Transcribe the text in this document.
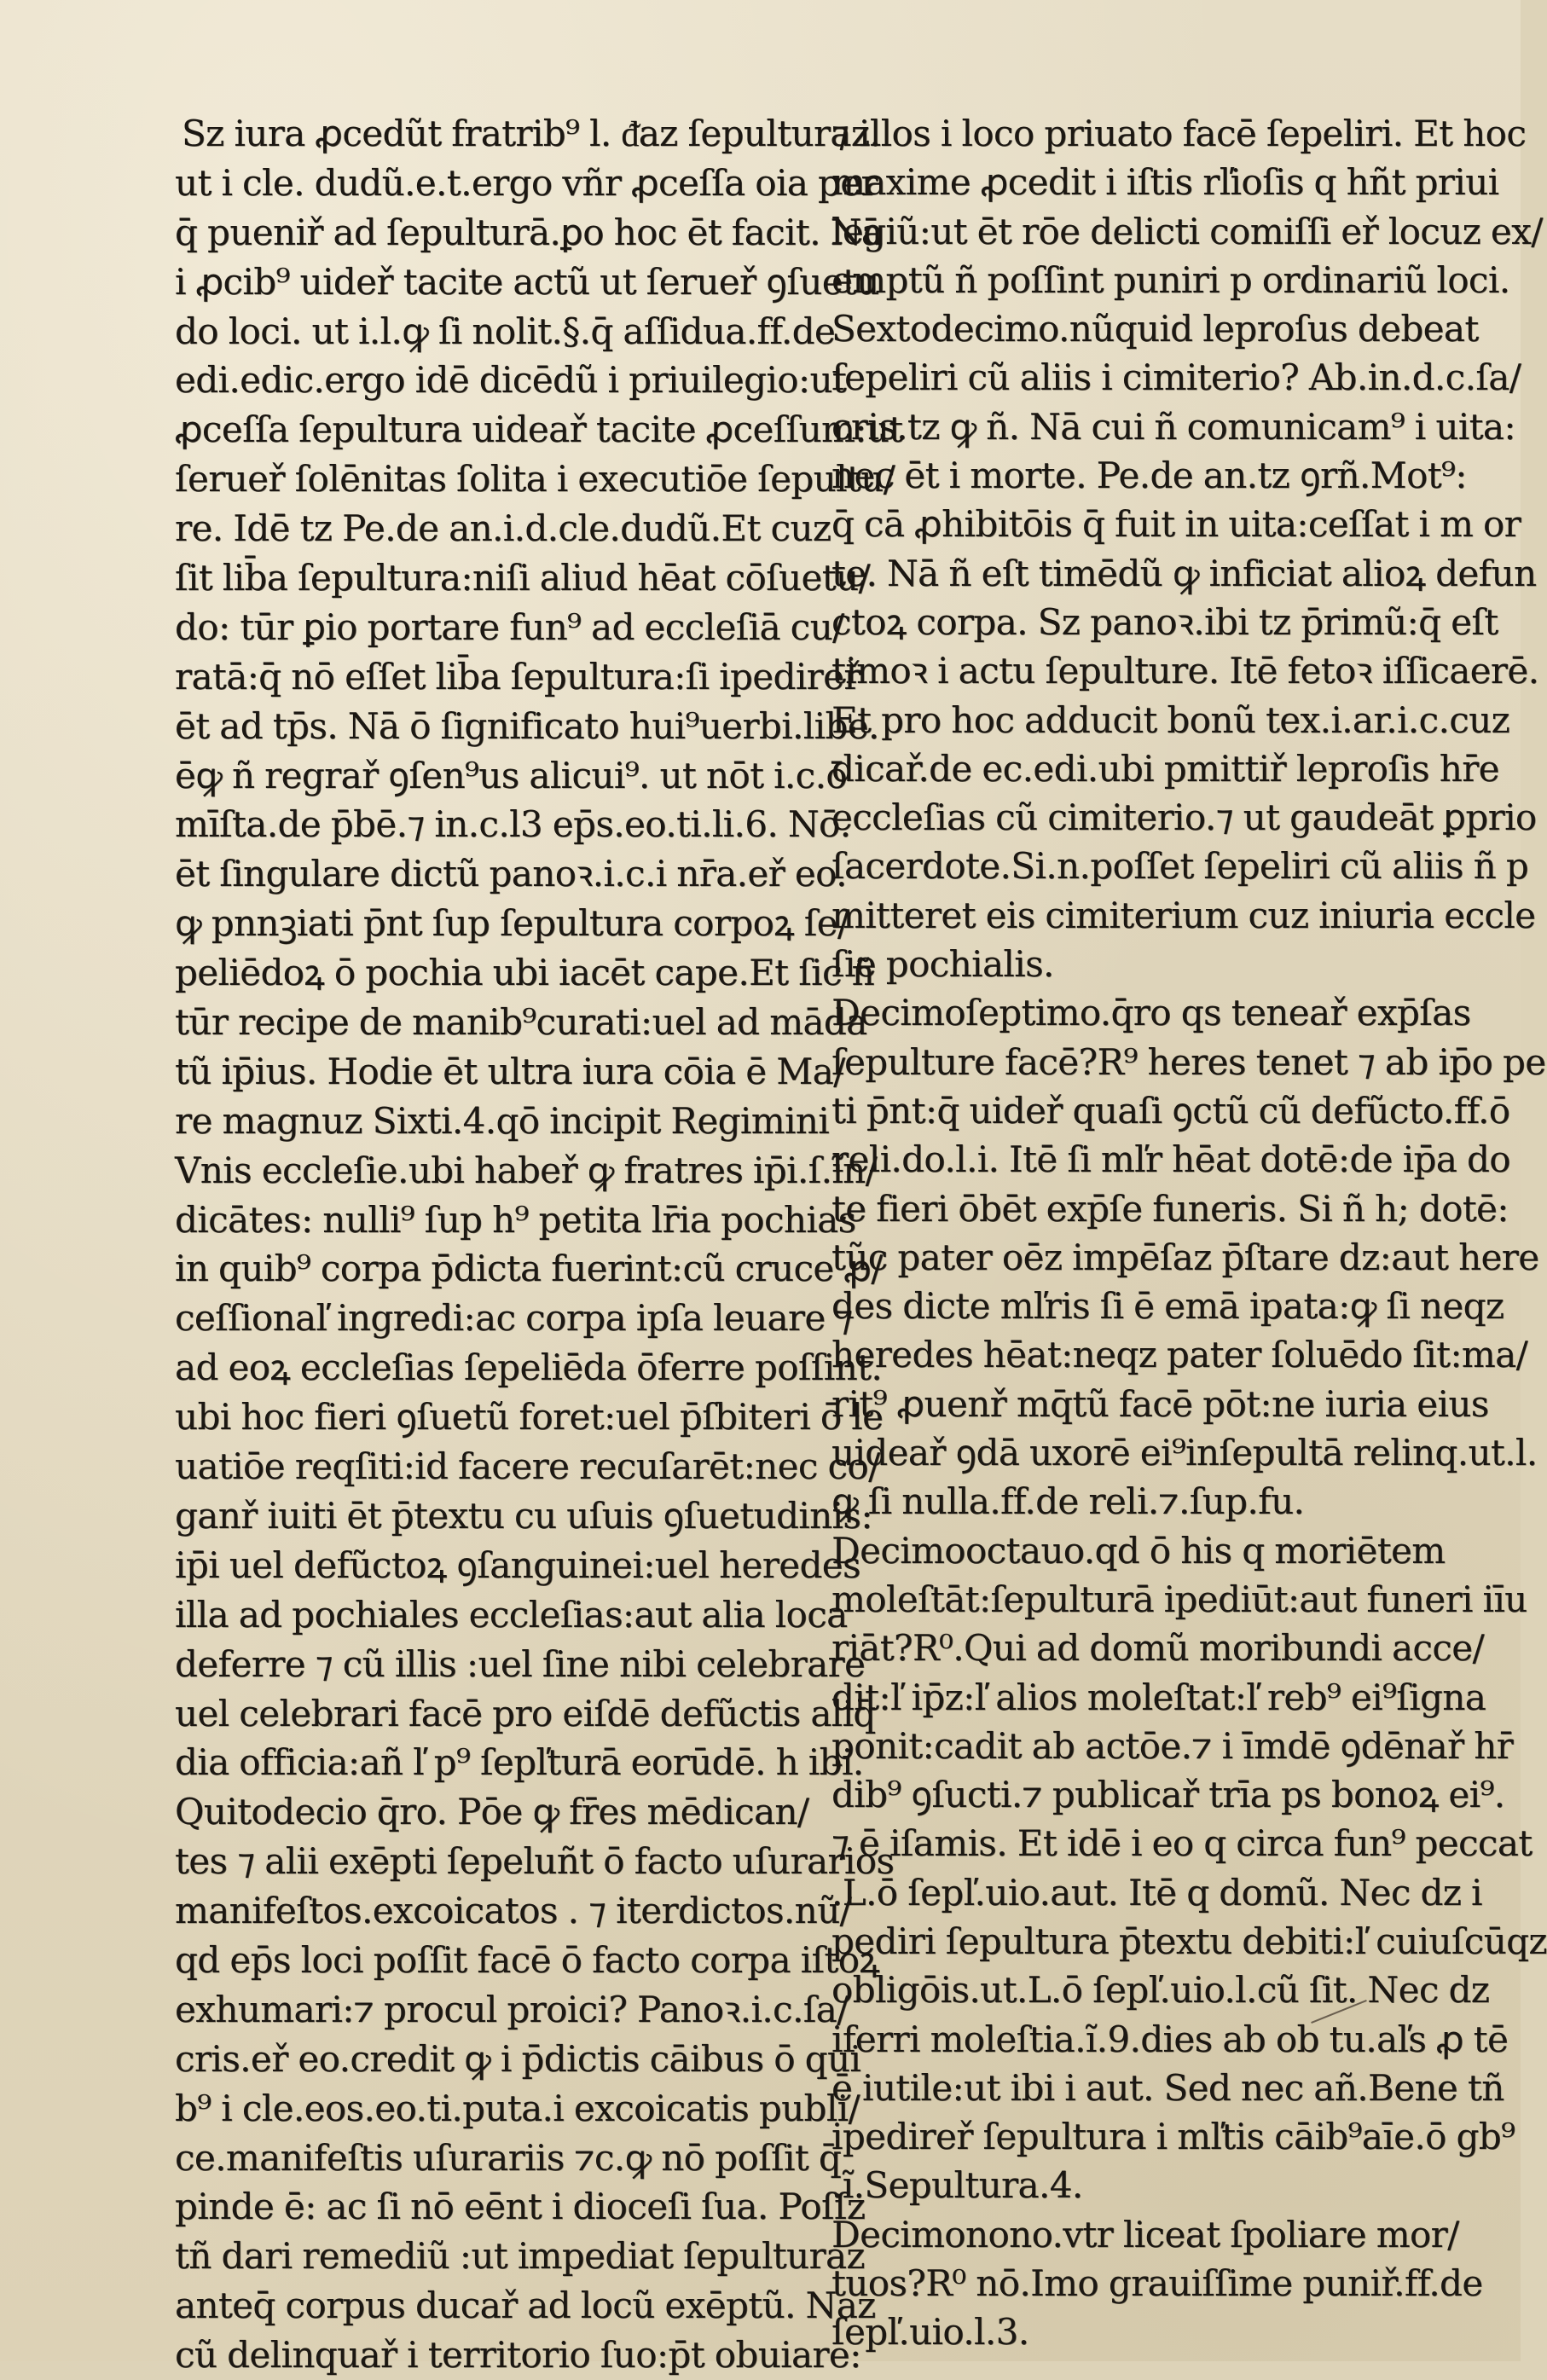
Sz iura ꝓcedũt fratrib⁹ l. ᵭaz ſepulturaz.
ut i cle. dudũ.e.t.ergo vñr ꝓceſſa oia per
q̄ pueniř ad ſepulturā.ꝑo hoc ēt facit. Nā
i ꝓcib⁹ uideř tacite actũ ut ſerueř ꝯſuetu
do loci. ut i.l.ꝙ ſi nolit.§.q̄ aſſidua.ff.de
edi.edic.ergo idē dicēdũ i priuilegio:ut
ꝓceſſa ſepultura uideař tacite ꝓceſſum:ut
ſerueř ſolēnitas ſolita i executiōe ſepultu/
re. Idē tz Pe.de an.i.d.cle.dudũ.Et cuz
ſit lib̄a ſepultura:niſi aliud hēat cōſuetu/
do: tūr ꝑio portare fun⁹ ad eccleſiā cu/
ratā:q̄ nō eſſet lib̄a ſepultura:ſi ipedireř
ēt ad tp̄s. Nā ō ſignificato hui⁹uerbi.libe.
ēꝙ ñ regrař ꝯſen⁹us alicui⁹. ut nōt i.c.ō
mīſta.de p̄bē.⁊ in.c.l3 ep̄s.eo.ti.li.6. Nō.
ēt ſingulare dictũ panoꝛ.i.c.i nr̄a.eř eo.
ꝙ pnnꝫiati p̄nt ſup ſepultura corpoꝝ ſe/
peliēdoꝝ ō pochia ubi iacēt cape.Et ſic ñ
tūr recipe de manib⁹curati:uel ad māda
tũ ip̄ius. Hodie ēt ultra iura cōia ē Ma/
re magnuz Sixti.4.qō incipit Regimini
Vnis eccleſie.ubi habeř ꝙ fratres ip̄i.ſ.ĩn/
dicātes: nulli⁹ ſup h⁹ petita lr̄ia pochias
in quib⁹ corpa p̄dicta fuerint:cũ cruce ꝓ/
ceſſionaľ ingredi:ac corpa ipſa leuare ⁊
ad eoꝝ eccleſias ſepeliēda ōferre poſſint.
ubi hoc fieri ꝯſuetũ foret:uel p̄ſbiteri ō le
uatiōe reqſiti:id facere recuſarēt:nec co/
ganř iuiti ēt p̄textu cu uſuis ꝯſuetudinis:
ip̄i uel defũctoꝝ ꝯſanguinei:uel heredes
illa ad pochiales eccleſias:aut alia loca
deferre ⁊ cũ illis :uel ſine nibi celebrare
uel celebrari facē pro eiſdē defũctis aliq̄
dia officia:añ ľ p⁹ ſepľturā eorūdē. h ibi.
Quitodecio q̄ro. Pōe ꝙ fr̄es mēdican/
tes ⁊ alii exēpti ſepeluñt ō facto uſurarios
manifeſtos.excoicatos . ⁊ iterdictos.nũ/
qd ep̄s loci poſſit facē ō facto corpa iſtoꝝ
exhumari:⁊ procul proici? Panoꝛ.i.c.ſa/
cris.eř eo.credit ꝙ i p̄dictis cāibus ō qui
b⁹ i cle.eos.eo.ti.puta.i excoicatis publi/
ce.manifeſtis uſurariis ⁊c.ꝙ nō poſſit q̄
pinde ē: ac ſi nō eēnt i dioceſi ſua. Poſſz
tñ dari remediũ :ut impediat ſepulturaz
anteq̄ corpus ducař ad locũ exēptũ. Naz
cũ delinquař i territorio ſuo:p̄t obuiare:
⁊ illos i loco priuato facē ſepeliri. Et hoc
maxime ꝓcedit i iſtis rľioſis q hñt priui
legiũ:ut ēt rōe delicti comiſſi eř locuz ex/
emptũ ñ poſſint puniri p ordinariũ loci.
Sextodecimo.nũquid leproſus debeat
ſepeliri cũ aliis i cimiterio? Ab.in.d.c.ſa/
cris.tz ꝙ ñ. Nā cui ñ comunicam⁹ i uita:
nec ēt i morte. Pe.de an.tz ꝯrñ.Mot⁹:
q̄ cā ꝓhibitōis q̄ fuit in uita:ceſſat i m or
te. Nā ñ eſt timēdũ ꝙ inficiat alioꝝ defun
ctoꝝ corpa. Sz panoꝛ.ibi tz p̄rimũ:q̄ eſt
timoꝛ i actu ſepulture. Itē fetoꝛ iſſicaerē.
Et pro hoc adducit bonũ tex.i.ar.i.c.cuz
dicař.de ec.edi.ubi pmittiř leproſis hr̄e
eccleſias cũ cimiterio.⁊ ut gaudeāt ꝑprio
ſacerdote.Si.n.poſſet ſepeliri cũ aliis ñ p
mitteret eis cimiterium cuz iniuria eccle
ſie pochialis.
Decimoſeptimo.q̄ro qs teneař exp̄ſas
ſepulture facē?R⁹ heres tenet ⁊ ab ip̄o pe
ti p̄nt:q̄ uideř quaſi ꝯctũ cũ defũcto.ff.ō
reli.do.l.i. Itē ſi mľr hēat dotē:de ip̄a do
te fieri ōbēt exp̄ſe funeris. Si ñ h; dotē:
tũc pater oēz impēſaz p̄ſtare dz:aut here
des dicte mľris ſi ē emā ipata:ꝙ ſi neqz
heredes hēat:neqz pater ſoluēdo ſit:ma/
rit⁹ ꝓuenř mq̄tũ facē pōt:ne iuria eius
uideař ꝯdā uxorē ei⁹inſepultā relinq.ut.l.
ꝙ ſi nulla.ff.de reli.⁊.ſup.fu.
Decimooctauo.qd ō his q moriētem
moleſtāt:ſepulturā ipediūt:aut funeri iīu
riāt?R⁰.Qui ad domũ moribundi acce/
dit:ľ ip̄z:ľ alios moleſtat:ľ reb⁹ ei⁹ſigna
ponit:cadit ab actōe.⁊ i īmdē ꝯdēnař hr̄
dib⁹ ꝯſucti.⁊ publicař trīa ps bonoꝝ ei⁹.
⁊ ē iſamis. Et idē i eo q circa fun⁹ peccat
.L.ō ſepľ.uio.aut. Itē q domũ. Nec dz i
pediri ſepultura p̄textu debiti:ľ cuiuſcūqz
obligōis.ut.L.ō ſepľ.uio.l.cũ ſit. Nec dz
iferri moleſtia.ĩ.9.dies ab ob tu.aľs ꝓ tē
ē iutile:ut ibi i aut. Sed nec añ.Bene tñ
ipedireř ſepultura i mľtis cāib⁹aīe.ō gb⁹
.ĩ.Sepultura.4.
Decimonono.vtr liceat ſpoliare mor/
tuos?R⁰ nō.Imo grauiſſime puniř.ff.de
ſepľ.uio.l.3.
